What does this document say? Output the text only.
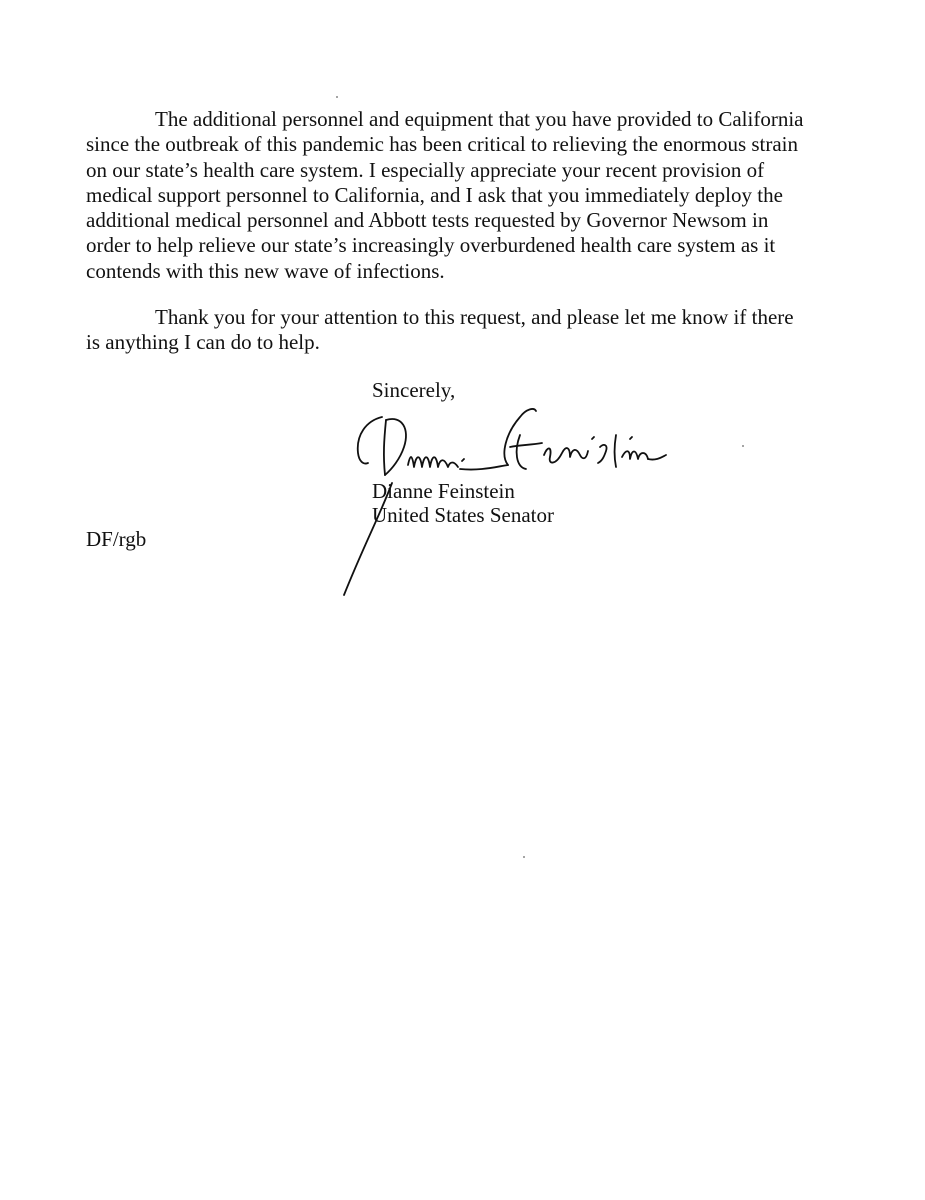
The additional personnel and equipment that you have provided to California
since the outbreak of this pandemic has been critical to relieving the enormous strain
on our state’s health care system. I especially appreciate your recent provision of
medical support personnel to California, and I ask that you immediately deploy the
additional medical personnel and Abbott tests requested by Governor Newsom in
order to help relieve our state’s increasingly overburdened health care system as it
contends with this new wave of infections.

Thank you for your attention to this request, and please let me know if there
is anything I can do to help.

Sincerely,

Dianne Feinstein

United States Senator

DF/rgb
